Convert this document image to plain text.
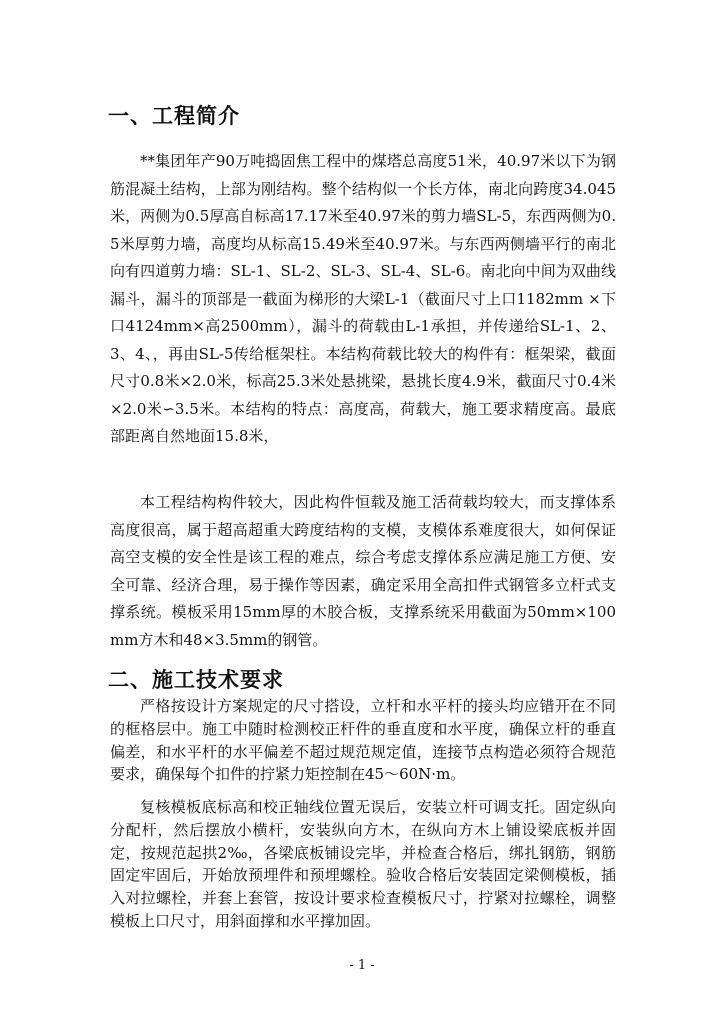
一、工程简介

**集团年产90万吨捣固焦工程中的煤塔总高度51米，40.97米以下为钢筋混凝土结构，上部为刚结构。整个结构似一个长方体，南北向跨度34.045米，两侧为0.5厚高自标高17.17米至40.97米的剪力墙SL-5，东西两侧为0.5米厚剪力墙，高度均从标高15.49米至40.97米。与东西两侧墙平行的南北向有四道剪力墙：SL-1、SL-2、SL-3、SL-4、SL-6。南北向中间为双曲线漏斗，漏斗的顶部是一截面为梯形的大梁L-1（截面尺寸上口1182mm ×下口4124mm×高2500mm），漏斗的荷载由L-1承担，并传递给SL-1、2、3、4、，再由SL-5传给框架柱。本结构荷载比较大的构件有：框架梁，截面尺寸0.8米×2.0米，标高25.3米处悬挑梁，悬挑长度4.9米，截面尺寸0.4米×2.0米∽3.5米。本结构的特点：高度高，荷载大，施工要求精度高。最底部距离自然地面15.8米，

本工程结构构件较大，因此构件恒载及施工活荷载均较大，而支撑体系高度很高，属于超高超重大跨度结构的支模，支模体系难度很大，如何保证高空支模的安全性是该工程的难点，综合考虑支撑体系应满足施工方便、安全可靠、经济合理，易于操作等因素，确定采用全高扣件式钢管多立杆式支撑系统。模板采用15mm厚的木胶合板，支撑系统采用截面为50mm×100mm方木和48×3.5mm的钢管。

二、施工技术要求

严格按设计方案规定的尺寸搭设，立杆和水平杆的接头均应错开在不同的框格层中。施工中随时检测校正杆件的垂直度和水平度，确保立杆的垂直偏差，和水平杆的水平偏差不超过规范规定值，连接节点构造必须符合规范要求，确保每个扣件的拧紧力矩控制在45～60N·m。

复核模板底标高和校正轴线位置无误后，安装立杆可调支托。固定纵向分配杆，然后摆放小横杆，安装纵向方木，在纵向方木上铺设梁底板并固定，按规范起拱2‰，各梁底板铺设完毕，并检查合格后，绑扎钢筋，钢筋固定牢固后，开始放预埋件和预埋螺栓。验收合格后安装固定梁侧模板，插入对拉螺栓，并套上套管，按设计要求检查模板尺寸，拧紧对拉螺栓，调整模板上口尺寸，用斜面撑和水平撑加固。

- 1 -
